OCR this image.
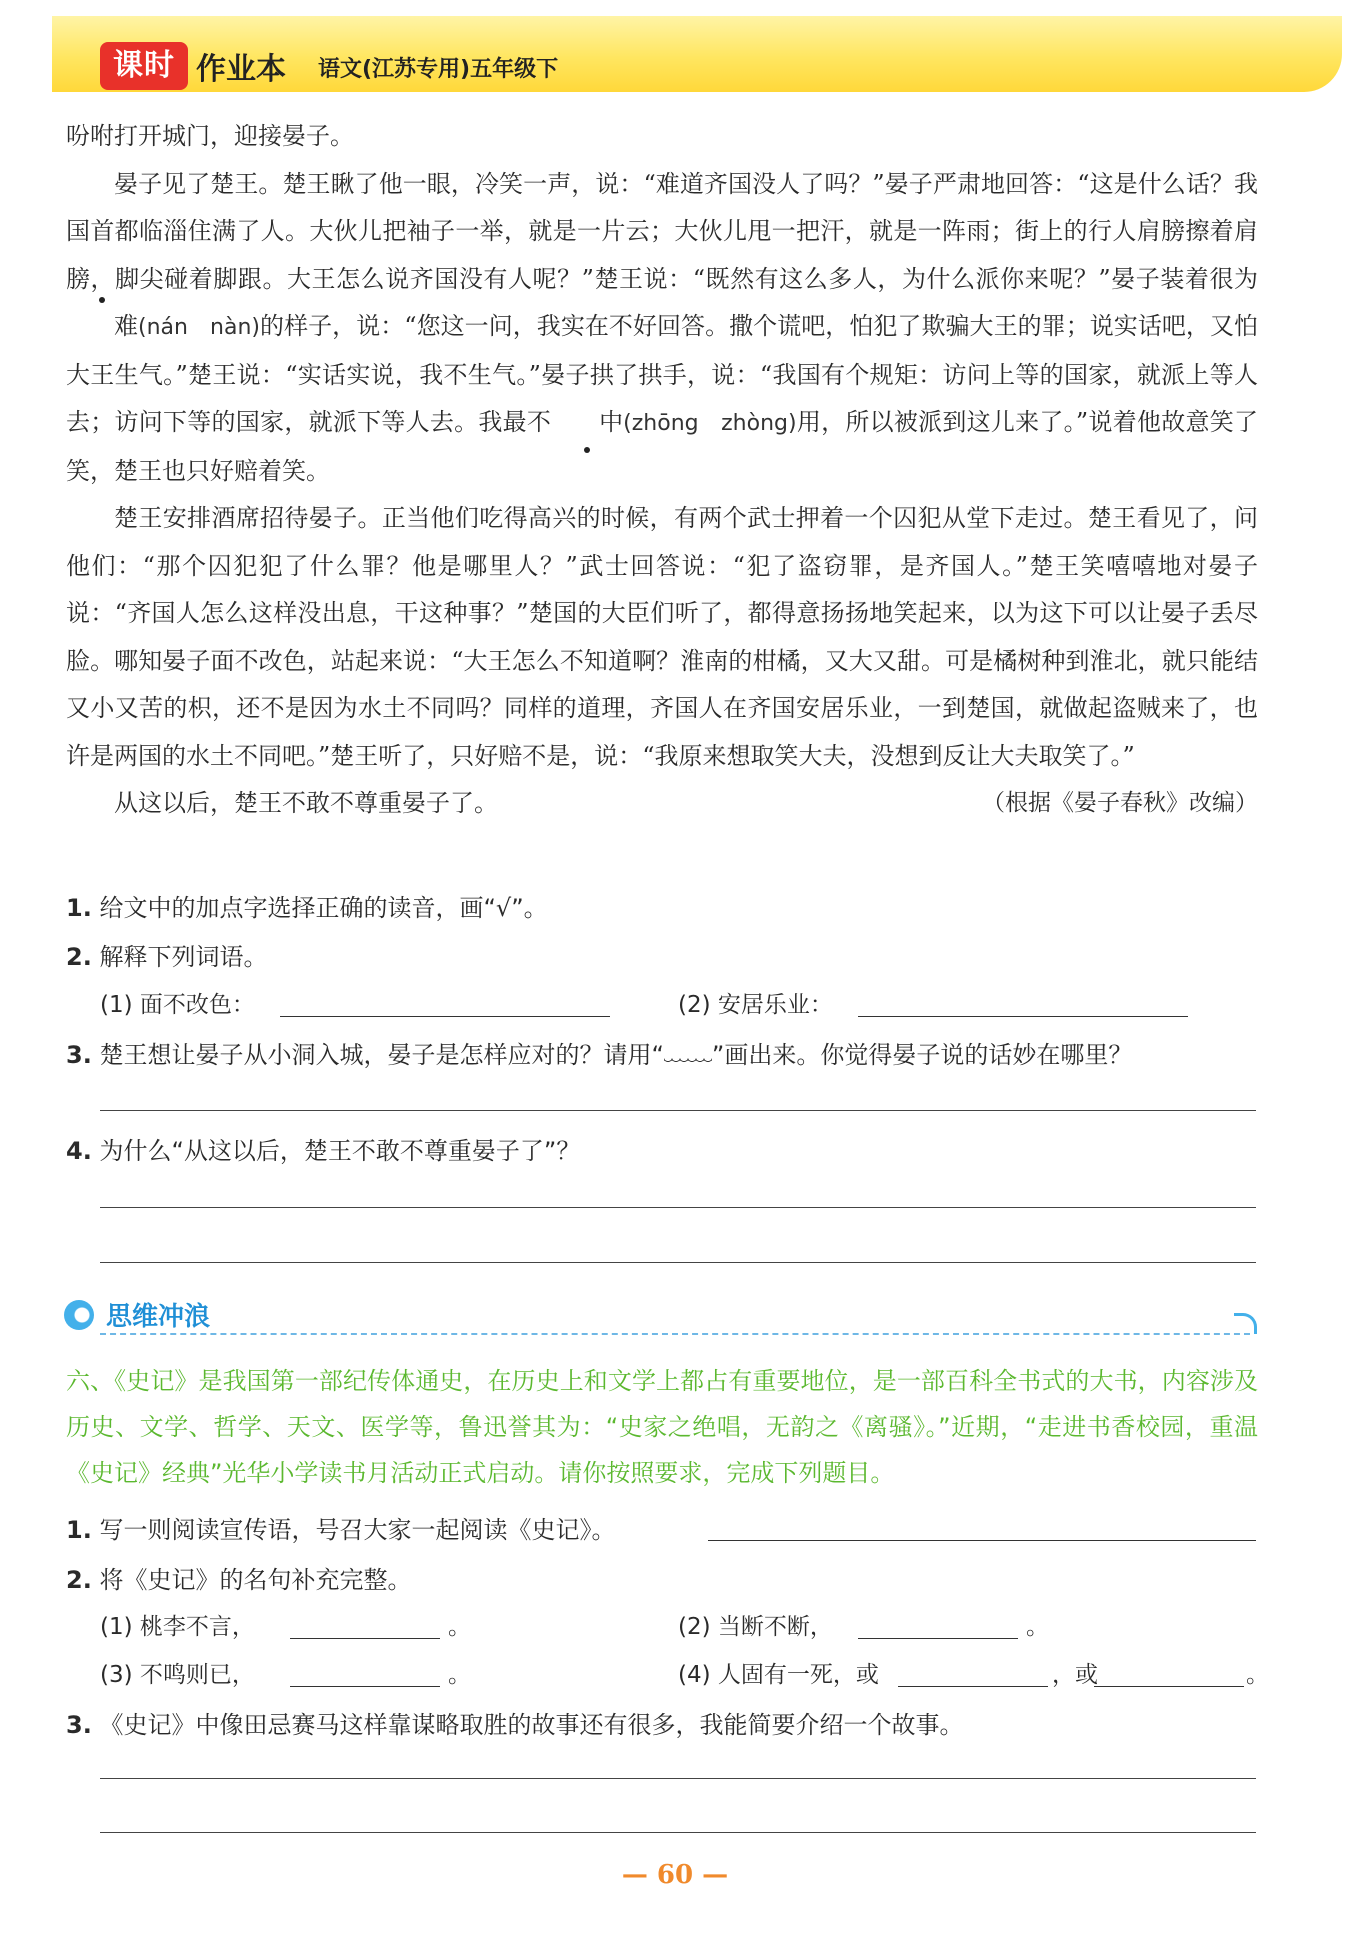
课时 作业本 语文(江苏专用)五年级下

吩咐打开城门，迎接晏子。

晏子见了楚王。楚王瞅了他一眼，冷笑一声，说：“难道齐国没人了吗？”晏子严肃地回答：“这是什么话？我国首都临淄住满了人。大伙儿把袖子一举，就是一片云；大伙儿甩一把汗，就是一阵雨；街上的行人肩膀擦着肩膀，脚尖碰着脚跟。大王怎么说齐国没有人呢？”楚王说：“既然有这么多人，为什么派你来呢？”晏子装着很为难(nán　nàn)的样子，说：“您这一问，我实在不好回答。撒个谎吧，怕犯了欺骗大王的罪；说实话吧，又怕大王生气。”楚王说：“实话实说，我不生气。”晏子拱了拱手，说：“我国有个规矩：访问上等的国家，就派上等人去；访问下等的国家，就派下等人去。我最不 中(zhōng　zhòng)用，所以被派到这儿来了。”说着他故意笑了笑，楚王也只好赔着笑。

楚王安排酒席招待晏子。正当他们吃得高兴的时候，有两个武士押着一个囚犯从堂下走过。楚王看见了，问他们：“那个囚犯犯了什么罪？他是哪里人？”武士回答说：“犯了盗窃罪，是齐国人。”楚王笑嘻嘻地对晏子说：“齐国人怎么这样没出息，干这种事？”楚国的大臣们听了，都得意扬扬地笑起来，以为这下可以让晏子丢尽脸。哪知晏子面不改色，站起来说：“大王怎么不知道啊？淮南的柑橘，又大又甜。可是橘树种到淮北，就只能结又小又苦的枳，还不是因为水土不同吗？同样的道理，齐国人在齐国安居乐业，一到楚国，就做起盗贼来了，也许是两国的水土不同吧。”楚王听了，只好赔不是，说：“我原来想取笑大夫，没想到反让大夫取笑了。”

从这以后，楚王不敢不尊重晏子了。	（根据《晏子春秋》改编）

1. 给文中的加点字选择正确的读音，画“√”。
2. 解释下列词语。
(1) 面不改色：	(2) 安居乐业：
3. 楚王想让晏子从小洞入城，晏子是怎样应对的？请用“ ”画出来。你觉得晏子说的话妙在哪里？
4. 为什么“从这以后，楚王不敢不尊重晏子了”？
思维冲浪

六、《史记》是我国第一部纪传体通史，在历史上和文学上都占有重要地位，是一部百科全书式的大书，内容涉及历史、文学、哲学、天文、医学等，鲁迅誉其为：“史家之绝唱，无韵之《离骚》。”近期，“走进书香校园，重温《史记》经典”光华小学读书月活动正式启动。请你按照要求，完成下列题目。

1. 写一则阅读宣传语，号召大家一起阅读《史记》。
2. 将《史记》的名句补充完整。
(1) 桃李不言，	。	(2) 当断不断，	。
(3) 不鸣则已，	。	(4) 人固有一死，或	，或	。
3. 《史记》中像田忌赛马这样靠谋略取胜的故事还有很多，我能简要介绍一个故事。
— 60 —
